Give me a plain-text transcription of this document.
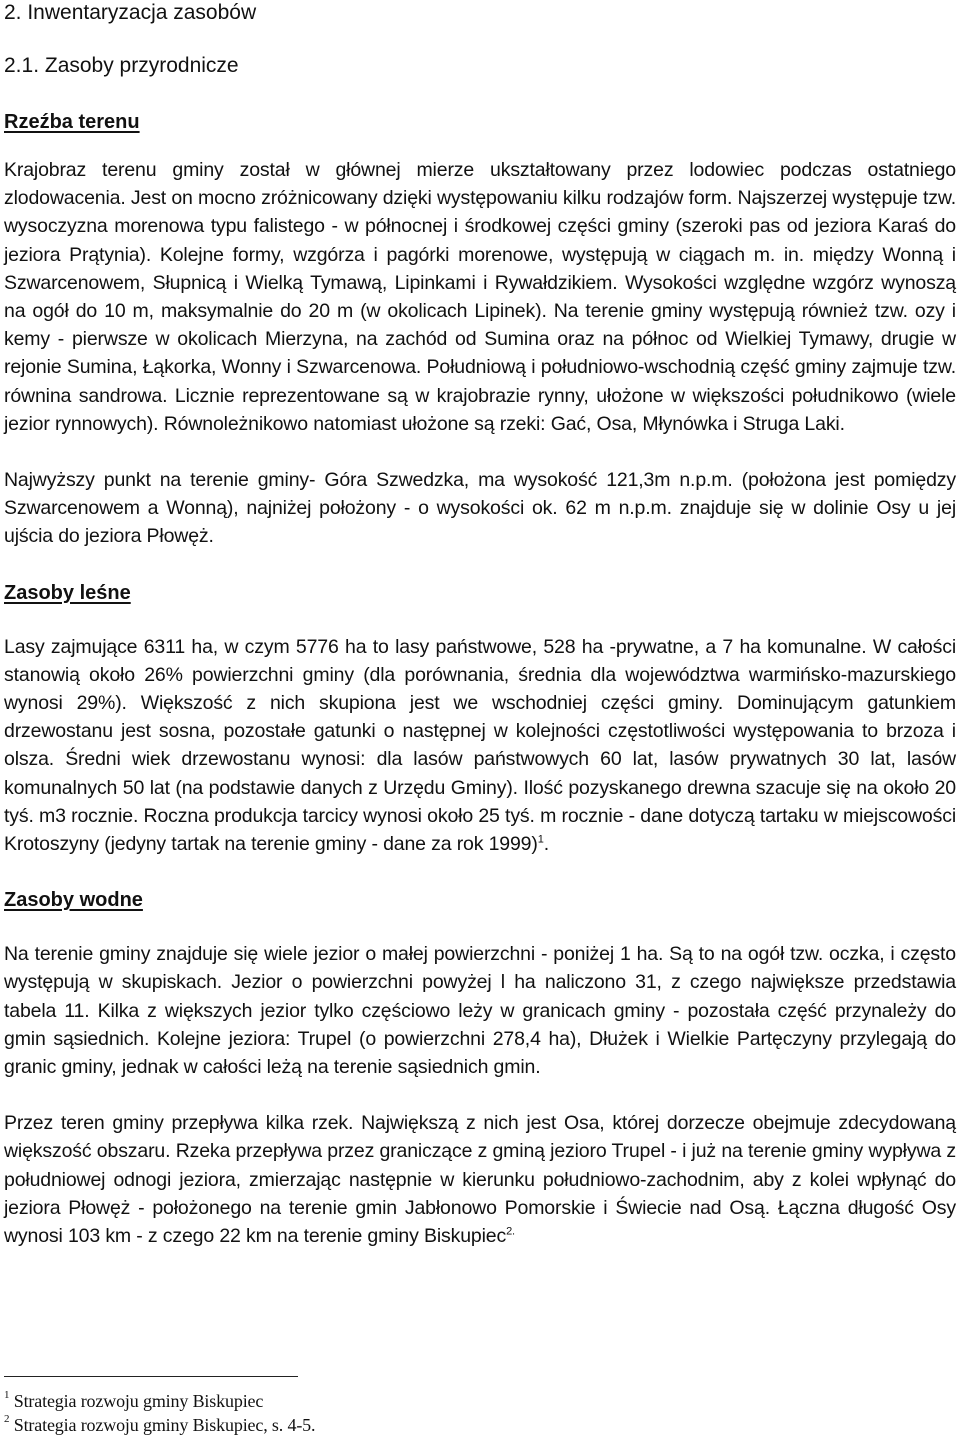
2. Inwentaryzacja zasobów
2.1. Zasoby przyrodnicze
Rzeźba terenu

Krajobraz terenu gminy został w głównej mierze ukształtowany przez lodowiec podczas ostatniego zlodowacenia. Jest on mocno zróżnicowany dzięki występowaniu kilku rodzajów form. Najszerzej występuje tzw. wysoczyzna morenowa typu falistego - w północnej i środkowej części gminy (szeroki pas od jeziora Karaś do jeziora Prątynia). Kolejne formy, wzgórza i pagórki morenowe, występują w ciągach m. in. między Wonną i Szwarcenowem, Słupnicą i Wielką Tymawą, Lipinkami i Rywałdzikiem. Wysokości względne wzgórz wynoszą na ogół do 10 m, maksymalnie do 20 m (w okolicach Lipinek). Na terenie gminy występują również tzw. ozy i kemy - pierwsze w okolicach Mierzyna, na zachód od Sumina oraz na północ od Wielkiej Tymawy, drugie w rejonie Sumina, Łąkorka, Wonny i Szwarcenowa. Południową i południowo-wschodnią część gminy zajmuje tzw. równina sandrowa. Licznie reprezentowane są w krajobrazie rynny, ułożone w większości południkowo (wiele jezior rynnowych). Równoleżnikowo natomiast ułożone są rzeki: Gać, Osa, Młynówka i Struga Laki.

Najwyższy punkt na terenie gminy- Góra Szwedzka, ma wysokość 121,3m n.p.m. (położona jest pomiędzy Szwarcenowem a Wonną), najniżej położony - o wysokości ok. 62 m n.p.m. znajduje się w dolinie Osy u jej ujścia do jeziora Płowęż.

Zasoby leśne

Lasy zajmujące 6311 ha, w czym 5776 ha to lasy państwowe, 528 ha -prywatne, a 7 ha komunalne. W całości stanowią około 26% powierzchni gminy (dla porównania, średnia dla województwa warmińsko-mazurskiego wynosi 29%). Większość z nich skupiona jest we wschodniej części gminy. Dominującym gatunkiem drzewostanu jest sosna, pozostałe gatunki o następnej w kolejności częstotliwości występowania to brzoza i olsza. Średni wiek drzewostanu wynosi: dla lasów państwowych 60 lat, lasów prywatnych 30 lat, lasów komunalnych 50 lat (na podstawie danych z Urzędu Gminy). Ilość pozyskanego drewna szacuje się na około 20 tyś. m3 rocznie. Roczna produkcja tarcicy wynosi około 25 tyś. m rocznie - dane dotyczą tartaku w miejscowości Krotoszyny (jedyny tartak na terenie gminy - dane za rok 1999)$^1$.

Zasoby wodne

Na terenie gminy znajduje się wiele jezior o małej powierzchni - poniżej 1 ha. Są to na ogół tzw. oczka, i często występują w skupiskach. Jezior o powierzchni powyżej l ha naliczono 31, z czego największe przedstawia tabela 11. Kilka z większych jezior tylko częściowo leży w granicach gminy - pozostała część przynależy do gmin sąsiednich. Kolejne jeziora: Trupel (o powierzchni 278,4 ha), Dłużek i Wielkie Partęczyny przylegają do granic gminy, jednak w całości leżą na terenie sąsiednich gmin.

Przez teren gminy przepływa kilka rzek. Największą z nich jest Osa, której dorzecze obejmuje zdecydowaną większość obszaru. Rzeka przepływa przez graniczące z gminą jezioro Trupel - i już na terenie gminy wypływa z południowej odnogi jeziora, zmierzając następnie w kierunku południowo-zachodnim, aby z kolei wpłynąć do jeziora Płowęż - położonego na terenie gmin Jabłonowo Pomorskie i Świecie nad Osą. Łączna długość Osy wynosi 103 km - z czego 22 km na terenie gminy Biskupiec$^{2.}$

$^1$ Strategia rozwoju gminy Biskupiec

$^2$ Strategia rozwoju gminy Biskupiec, s. 4-5.
